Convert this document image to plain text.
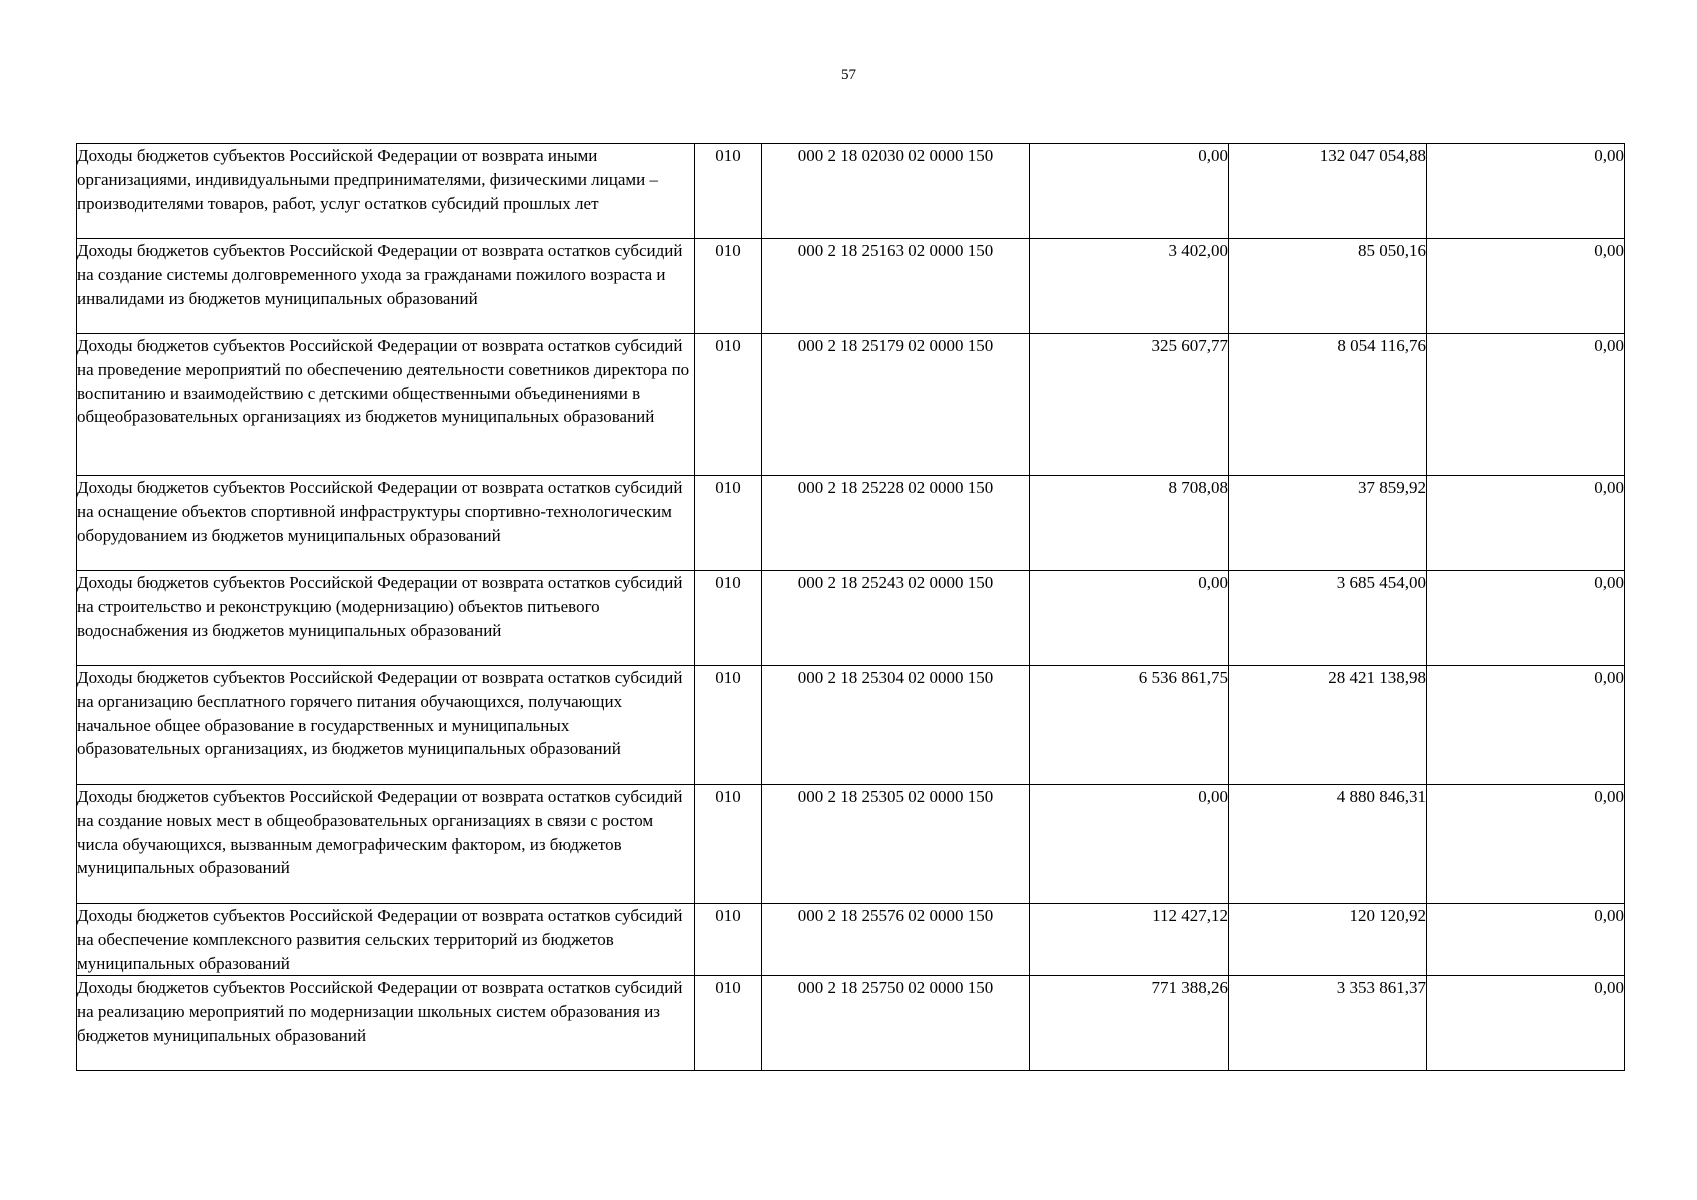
57
Доходы бюджетов субъектов Российской Федерации от возврата иными организациями, индивидуальными предпринимателями, физическими лицами – производителями товаров, работ, услуг остатков субсидий прошлых лет	010	000 2 18 02030 02 0000 150	0,00	132 047 054,88	0,00
Доходы бюджетов субъектов Российской Федерации от возврата остатков субсидий на создание системы долговременного ухода за гражданами пожилого возраста и инвалидами из бюджетов муниципальных образований	010	000 2 18 25163 02 0000 150	3 402,00	85 050,16	0,00
Доходы бюджетов субъектов Российской Федерации от возврата остатков субсидий на проведение мероприятий по обеспечению деятельности советников директора по воспитанию и взаимодействию с детскими общественными объединениями в общеобразовательных организациях из бюджетов муниципальных образований	010	000 2 18 25179 02 0000 150	325 607,77	8 054 116,76	0,00
Доходы бюджетов субъектов Российской Федерации от возврата остатков субсидий на оснащение объектов спортивной инфраструктуры спортивно-технологическим оборудованием из бюджетов муниципальных образований	010	000 2 18 25228 02 0000 150	8 708,08	37 859,92	0,00
Доходы бюджетов субъектов Российской Федерации от возврата остатков субсидий на строительство и реконструкцию (модернизацию) объектов питьевого водоснабжения из бюджетов муниципальных образований	010	000 2 18 25243 02 0000 150	0,00	3 685 454,00	0,00
Доходы бюджетов субъектов Российской Федерации от возврата остатков субсидий на организацию бесплатного горячего питания обучающихся, получающих начальное общее образование в государственных и муниципальных образовательных организациях, из бюджетов муниципальных образований	010	000 2 18 25304 02 0000 150	6 536 861,75	28 421 138,98	0,00
Доходы бюджетов субъектов Российской Федерации от возврата остатков субсидий на создание новых мест в общеобразовательных организациях в связи с ростом числа обучающихся, вызванным демографическим фактором, из бюджетов муниципальных образований	010	000 2 18 25305 02 0000 150	0,00	4 880 846,31	0,00
Доходы бюджетов субъектов Российской Федерации от возврата остатков субсидий на обеспечение комплексного развития сельских территорий из бюджетов муниципальных образований	010	000 2 18 25576 02 0000 150	112 427,12	120 120,92	0,00
Доходы бюджетов субъектов Российской Федерации от возврата остатков субсидий на реализацию мероприятий по модернизации школьных систем образования из бюджетов муниципальных образований	010	000 2 18 25750 02 0000 150	771 388,26	3 353 861,37	0,00
